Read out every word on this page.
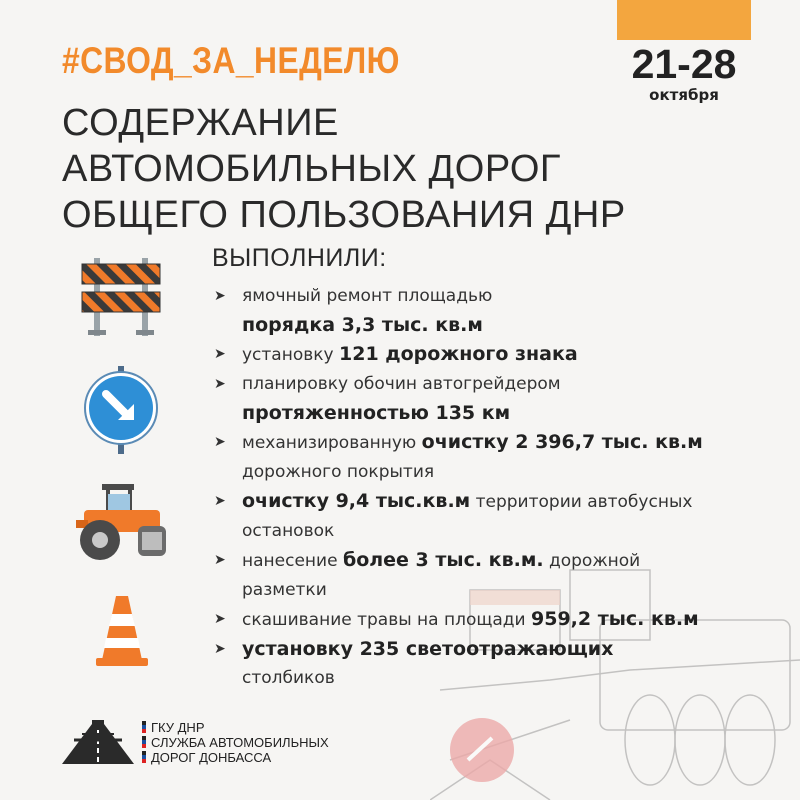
#СВОД_ЗА_НЕДЕЛЮ	21-28
октября
СОДЕРЖАНИЕ
АВТОМОБИЛЬНЫХ ДОРОГ
ОБЩЕГО ПОЛЬЗОВАНИЯ ДНР
ВЫПОЛНИЛИ:
➤ ямочный ремонт площадью
порядка 3,3 тыс. кв.м
➤ установку 121 дорожного знака
➤ планировку обочин автогрейдером
протяженностью 135 км
➤ механизированную очистку 2 396,7 тыс. кв.м
дорожного покрытия
➤ очистку 9,4 тыс.кв.м территории автобусных
остановок
➤ нанесение более 3 тыс. кв.м. дорожной
разметки
➤ скашивание травы на площади 959,2 тыс. кв.м
➤ установку 235 светоотражающих
столбиков
ГКУ ДНР
СЛУЖБА АВТОМОБИЛЬНЫХ
ДОРОГ ДОНБАССА
